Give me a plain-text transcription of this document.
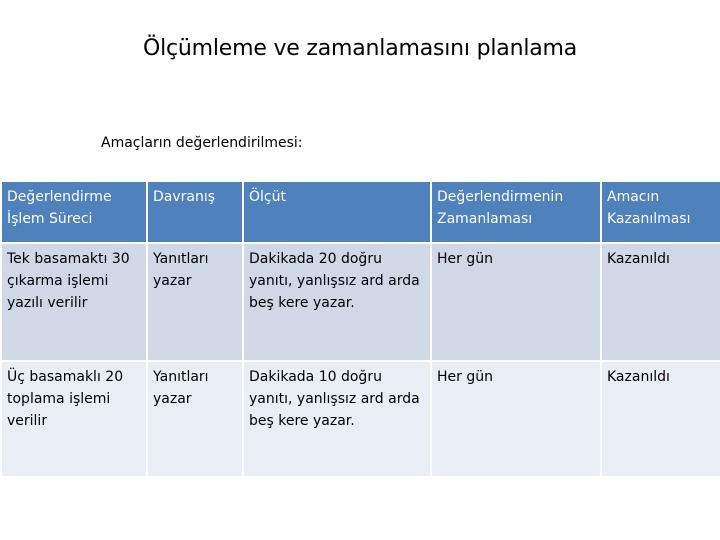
Ölçümleme ve zamanlamasını planlama
Amaçların değerlendirilmesi:
Değerlendirme İşlem Süreci	Davranış	Ölçüt	Değerlendirmenin Zamanlaması	Amacın Kazanılması
Tek basamaktı 30 çıkarma işlemi yazılı verilir	Yanıtları yazar	Dakikada 20 doğru yanıtı, yanlışsız ard arda beş kere yazar.	Her gün	Kazanıldı
Üç basamaklı 20 toplama işlemi verilir	Yanıtları yazar	Dakikada 10 doğru yanıtı, yanlışsız ard arda beş kere yazar.	Her gün	Kazanıldı
